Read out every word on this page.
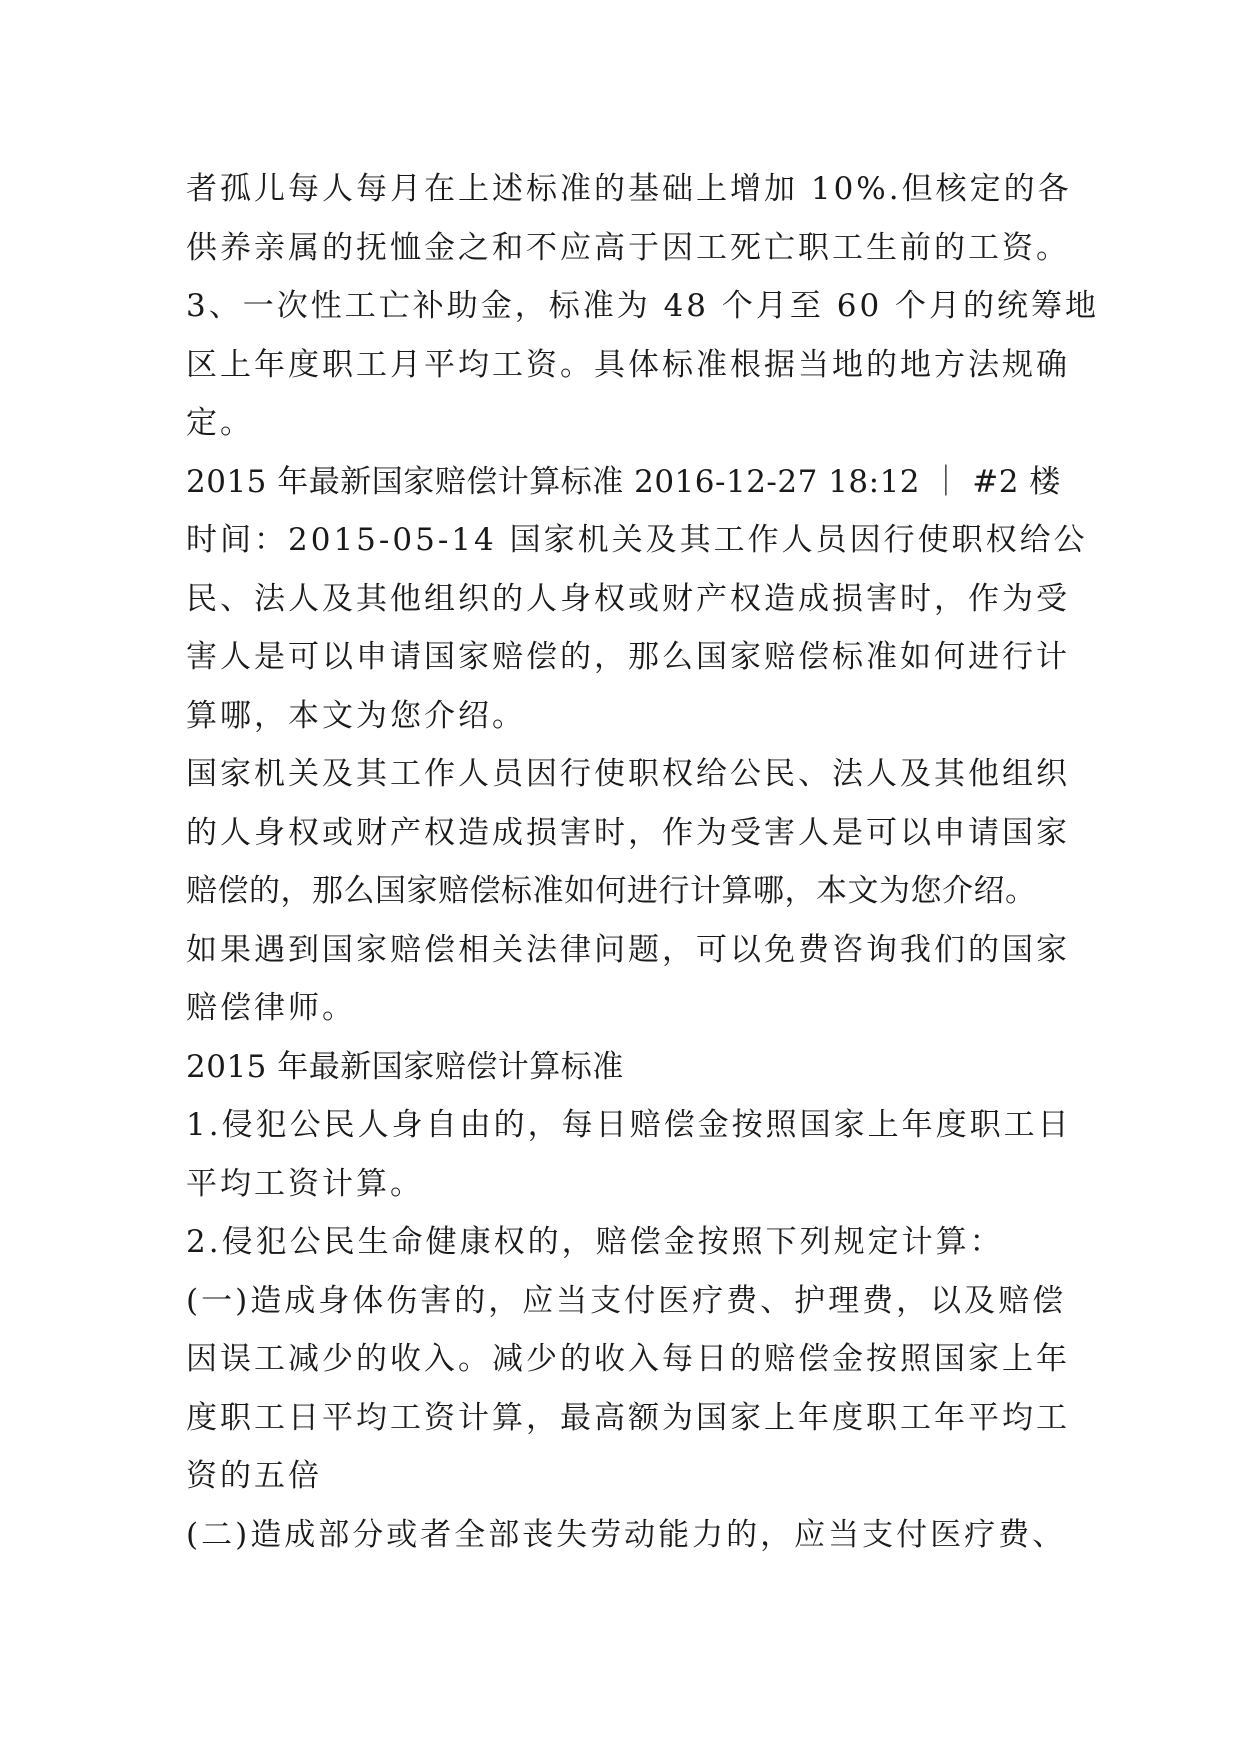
者孤儿每人每月在上述标准的基础上增加 10%.但核定的各
供养亲属的抚恤金之和不应高于因工死亡职工生前的工资。
3、一次性工亡补助金，标准为 48 个月至 60 个月的统筹地
区上年度职工月平均工资。具体标准根据当地的地方法规确
定。
2015 年最新国家赔偿计算标准 2016-12-27 18:12 ｜ #2 楼
时间：2015-05-14 国家机关及其工作人员因行使职权给公
民、法人及其他组织的人身权或财产权造成损害时，作为受
害人是可以申请国家赔偿的，那么国家赔偿标准如何进行计
算哪，本文为您介绍。
国家机关及其工作人员因行使职权给公民、法人及其他组织
的人身权或财产权造成损害时，作为受害人是可以申请国家
赔偿的，那么国家赔偿标准如何进行计算哪，本文为您介绍。
如果遇到国家赔偿相关法律问题，可以免费咨询我们的国家
赔偿律师。
2015 年最新国家赔偿计算标准
1.侵犯公民人身自由的，每日赔偿金按照国家上年度职工日
平均工资计算。
2.侵犯公民生命健康权的，赔偿金按照下列规定计算：
(一)造成身体伤害的，应当支付医疗费、护理费，以及赔偿
因误工减少的收入。减少的收入每日的赔偿金按照国家上年
度职工日平均工资计算，最高额为国家上年度职工年平均工
资的五倍
(二)造成部分或者全部丧失劳动能力的，应当支付医疗费、
